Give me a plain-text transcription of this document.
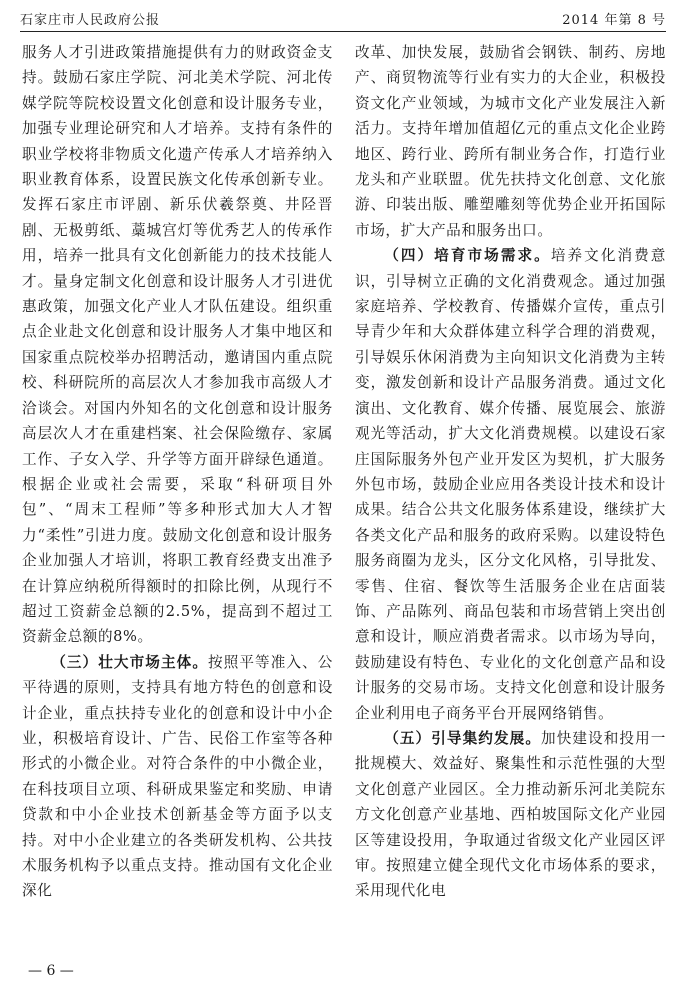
石家庄市人民政府公报	2014 年第 8 号

服务人才引进政策措施提供有力的财政资金支持。鼓励石家庄学院、河北美术学院、河北传媒学院等院校设置文化创意和设计服务专业，加强专业理论研究和人才培养。支持有条件的职业学校将非物质文化遗产传承人才培养纳入职业教育体系，设置民族文化传承创新专业。发挥石家庄市评剧、新乐伏羲祭奠、井陉晋剧、无极剪纸、藁城宫灯等优秀艺人的传承作用，培养一批具有文化创新能力的技术技能人才。量身定制文化创意和设计服务人才引进优惠政策，加强文化产业人才队伍建设。组织重点企业赴文化创意和设计服务人才集中地区和国家重点院校举办招聘活动，邀请国内重点院校、科研院所的高层次人才参加我市高级人才洽谈会。对国内外知名的文化创意和设计服务高层次人才在重建档案、社会保险缴存、家属工作、子女入学、升学等方面开辟绿色通道。根据企业或社会需要，采取“科研项目外包”、“周末工程师”等多种形式加大人才智力“柔性”引进力度。鼓励文化创意和设计服务企业加强人才培训，将职工教育经费支出准予在计算应纳税所得额时的扣除比例，从现行不超过工资薪金总额的2.5%，提高到不超过工资薪金总额的8%。

（三）壮大市场主体。按照平等准入、公平待遇的原则，支持具有地方特色的创意和设计企业，重点扶持专业化的创意和设计中小企业，积极培育设计、广告、民俗工作室等各种形式的小微企业。对符合条件的中小微企业，在科技项目立项、科研成果鉴定和奖励、申请贷款和中小企业技术创新基金等方面予以支持。对中小企业建立的各类研发机构、公共技术服务机构予以重点支持。推动国有文化企业深化

改革、加快发展，鼓励省会钢铁、制药、房地产、商贸物流等行业有实力的大企业，积极投资文化产业领域，为城市文化产业发展注入新活力。支持年增加值超亿元的重点文化企业跨地区、跨行业、跨所有制业务合作，打造行业龙头和产业联盟。优先扶持文化创意、文化旅游、印装出版、雕塑雕刻等优势企业开拓国际市场，扩大产品和服务出口。

（四）培育市场需求。培养文化消费意识，引导树立正确的文化消费观念。通过加强家庭培养、学校教育、传播媒介宣传，重点引导青少年和大众群体建立科学合理的消费观，引导娱乐休闲消费为主向知识文化消费为主转变，激发创新和设计产品服务消费。通过文化演出、文化教育、媒介传播、展览展会、旅游观光等活动，扩大文化消费规模。以建设石家庄国际服务外包产业开发区为契机，扩大服务外包市场，鼓励企业应用各类设计技术和设计成果。结合公共文化服务体系建设，继续扩大各类文化产品和服务的政府采购。以建设特色服务商圈为龙头，区分文化风格，引导批发、零售、住宿、餐饮等生活服务企业在店面装饰、产品陈列、商品包装和市场营销上突出创意和设计，顺应消费者需求。以市场为导向，鼓励建设有特色、专业化的文化创意产品和设计服务的交易市场。支持文化创意和设计服务企业利用电子商务平台开展网络销售。

（五）引导集约发展。加快建设和投用一批规模大、效益好、聚集性和示范性强的大型文化创意产业园区。全力推动新乐河北美院东方文化创意产业基地、西柏坡国际文化产业园区等建设投用，争取通过省级文化产业园区评审。按照建立健全现代文化市场体系的要求，采用现代化电

— 6 —
